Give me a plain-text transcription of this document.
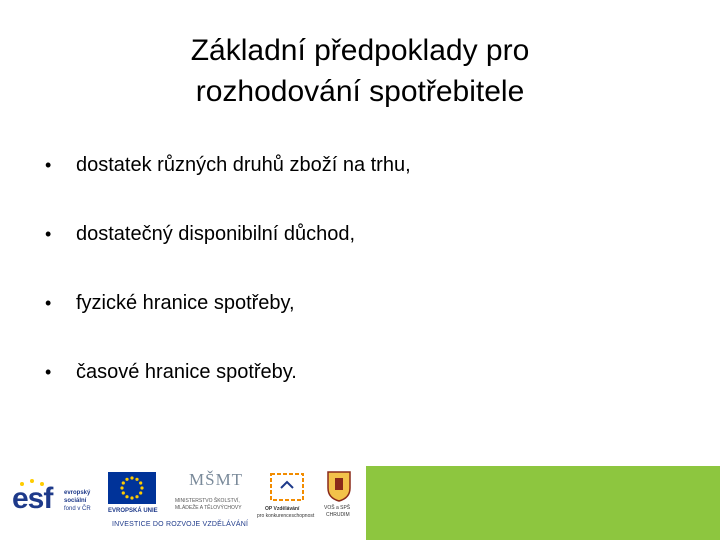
Základní předpoklady pro
rozhodování spotřebitele
• dostatek různých druhů zboží na trhu,
• dostatečný disponibilní důchod,
• fyzické hranice spotřeby,
• časové hranice spotřeby.
esf evropský
sociální
fond v ČR	EVROPSKÁ UNIE
MŠMT
MINISTERSTVO ŠKOLSTVÍ,
MLÁDEŽE A TĚLOVÝCHOVY	OP Vzdělávání
pro konkurenceschopnost
VOŠ a SPŠ
CHRUDIM
INVESTICE DO ROZVOJE VZDĚLÁVÁNÍ
